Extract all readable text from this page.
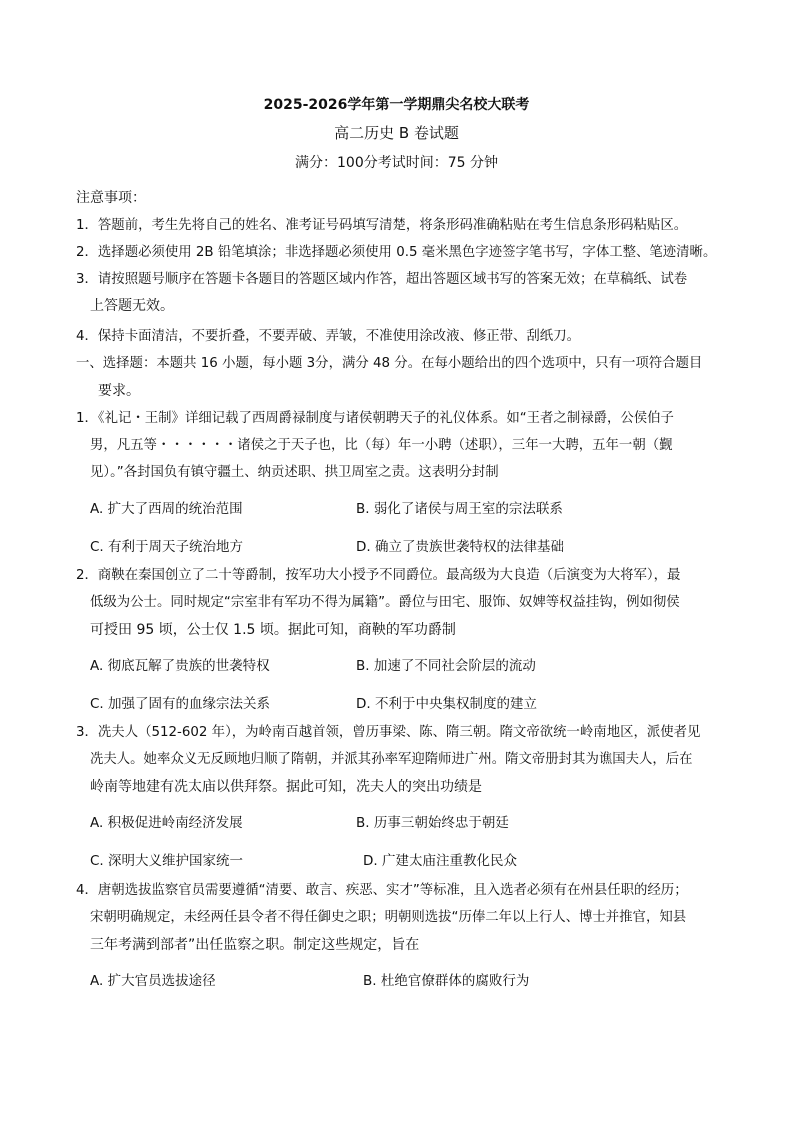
2025-2026学年第一学期鼎尖名校大联考
高二历史 B 卷试题
满分：100分考试时间：75 分钟
注意事项：
1．答题前，考生先将自己的姓名、准考证号码填写清楚，将条形码准确粘贴在考生信息条形码粘贴区。
2．选择题必须使用 2B 铅笔填涂；非选择题必须使用 0.5 毫米黑色字迹签字笔书写，字体工整、笔迹清晰。
3．请按照题号顺序在答题卡各题目的答题区域内作答，超出答题区域书写的答案无效；在草稿纸、试卷
上答题无效。
4．保持卡面清洁，不要折叠，不要弄破、弄皱，不准使用涂改液、修正带、刮纸刀。
一、选择题：本题共 16 小题，每小题 3分，满分 48 分。在每小题给出的四个选项中，只有一项符合题目
要求。
1．《礼记・王制》详细记载了西周爵禄制度与诸侯朝聘天子的礼仪体系。如“王者之制禄爵，公侯伯子
男，凡五等・・・・・・诸侯之于天子也，比（每）年一小聘（述职），三年一大聘，五年一朝（觐
见）。”各封国负有镇守疆土、纳贡述职、拱卫周室之责。这表明分封制
A. 扩大了西周的统治范围	B. 弱化了诸侯与周王室的宗法联系
C. 有利于周天子统治地方	D. 确立了贵族世袭特权的法律基础
2．商鞅在秦国创立了二十等爵制，按军功大小授予不同爵位。最高级为大良造（后演变为大将军），最
低级为公士。同时规定“宗室非有军功不得为属籍”。爵位与田宅、服饰、奴婢等权益挂钩，例如彻侯
可授田 95 顷，公士仅 1.5 顷。据此可知，商鞅的军功爵制
A. 彻底瓦解了贵族的世袭特权	B. 加速了不同社会阶层的流动
C. 加强了固有的血缘宗法关系	D. 不利于中央集权制度的建立
3．冼夫人（512-602 年），为岭南百越首领，曾历事梁、陈、隋三朝。隋文帝欲统一岭南地区，派使者见
冼夫人。她率众义无反顾地归顺了隋朝，并派其孙率军迎隋师进广州。隋文帝册封其为谯国夫人，后在
岭南等地建有冼太庙以供拜祭。据此可知，冼夫人的突出功绩是
A. 积极促进岭南经济发展	B. 历事三朝始终忠于朝廷
C. 深明大义维护国家统一	D. 广建太庙注重教化民众
4．唐朝选拔监察官员需要遵循“清要、敢言、疾恶、实才”等标准，且入选者必须有在州县任职的经历；
宋朝明确规定，未经两任县令者不得任御史之职；明朝则选拔“历俸二年以上行人、博士并推官，知县
三年考满到部者”出任监察之职。制定这些规定，旨在
A. 扩大官员选拔途径	B. 杜绝官僚群体的腐败行为
